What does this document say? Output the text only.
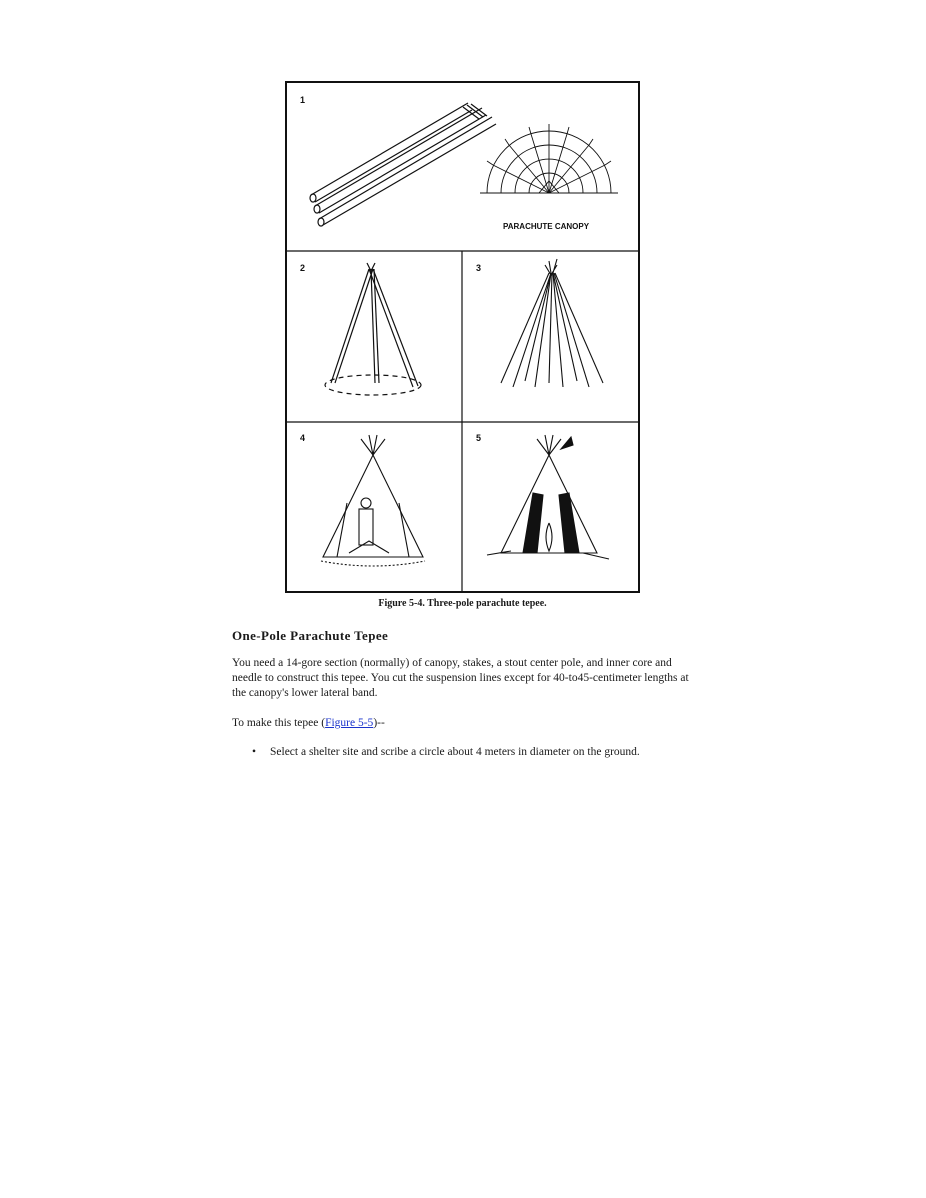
1
2	3
4	5
PARACHUTE CANOPY
Figure 5-4. Three-pole parachute tepee.
One-Pole Parachute Tepee
You need a 14-gore section (normally) of canopy, stakes, a stout center pole, and inner core and needle to construct this tepee. You cut the suspension lines except for 40-to45-centimeter lengths at the canopy's lower lateral band.
To make this tepee (Figure 5-5)--
• Select a shelter site and scribe a circle about 4 meters in diameter on the ground.
